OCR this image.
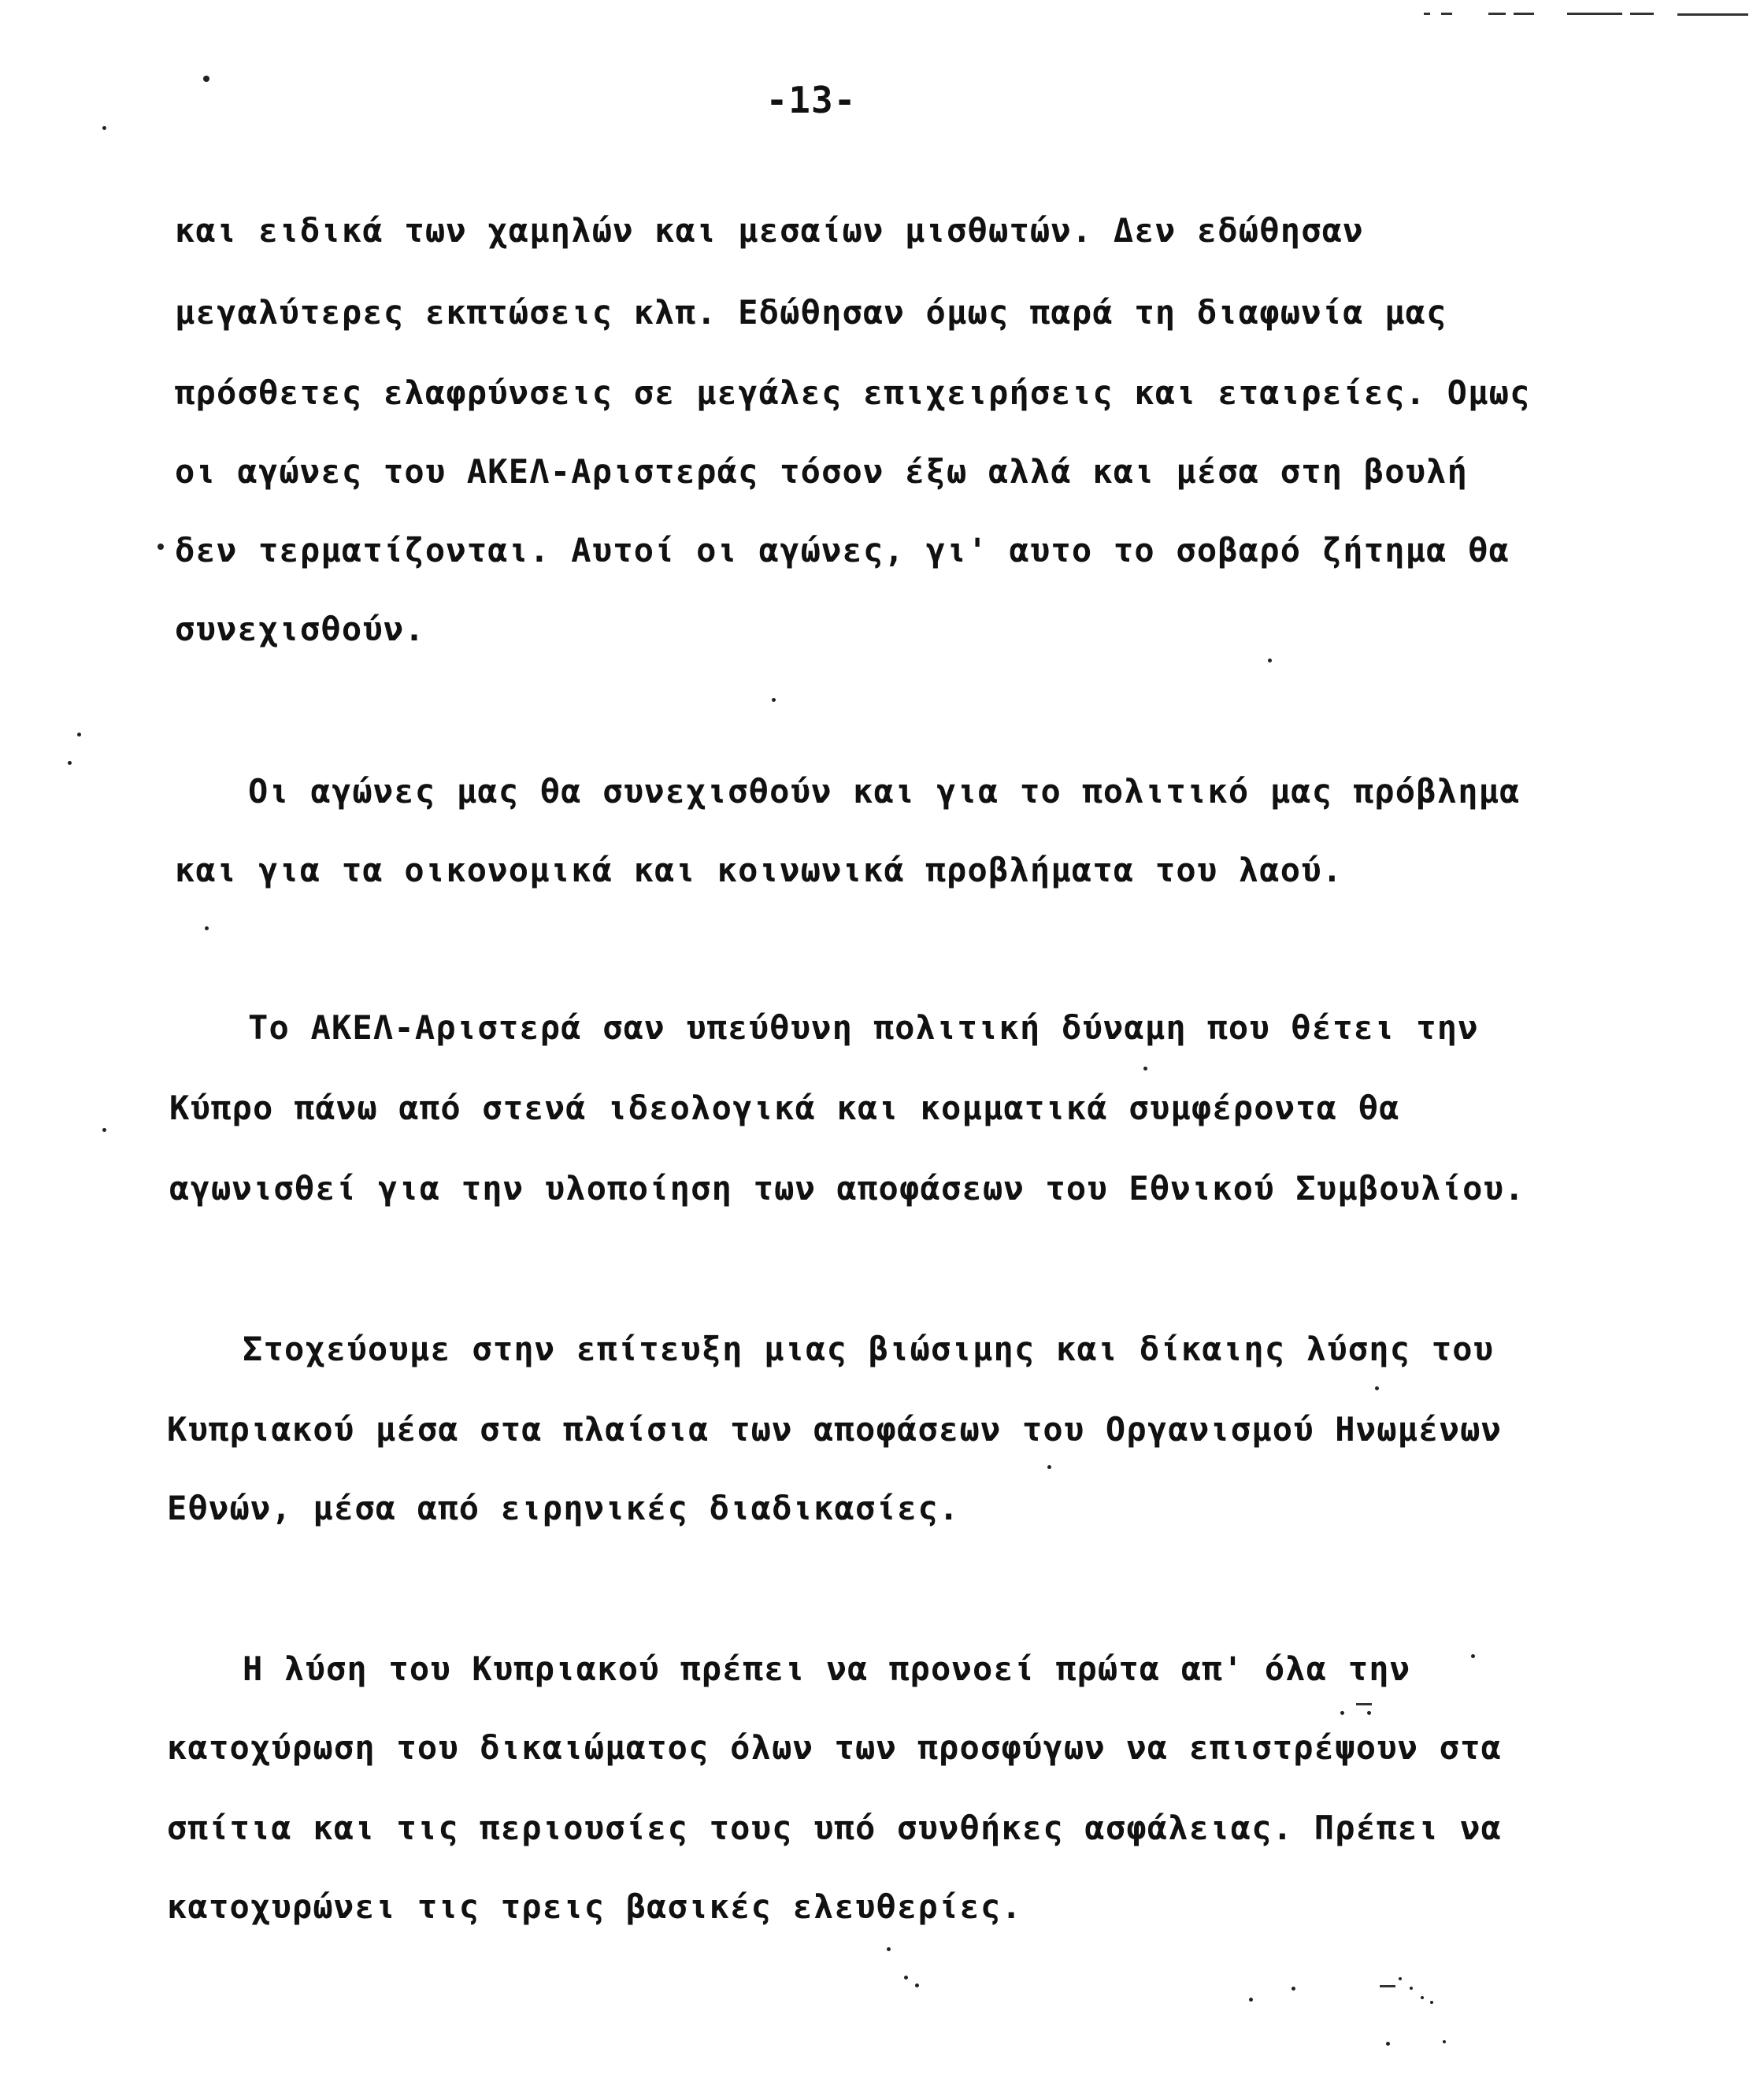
-13-
και ειδικά των χαμηλών και μεσαίων μισθωτών. Δεν εδώθησαν
μεγαλύτερες εκπτώσεις κλπ. Εδώθησαν όμως παρά τη διαφωνία μας
πρόσθετες ελαφρύνσεις σε μεγάλες επιχειρήσεις και εταιρείες. Ομως
οι αγώνες του ΑΚΕΛ-Αριστεράς τόσον έξω αλλά και μέσα στη βουλή
δεν τερματίζονται. Αυτοί οι αγώνες, γι' αυτο το σοβαρό ζήτημα θα
συνεχισθούν.
Οι αγώνες μας θα συνεχισθούν και για το πολιτικό μας πρόβλημα
και για τα οικονομικά και κοινωνικά προβλήματα του λαού.
Το ΑΚΕΛ-Αριστερά σαν υπεύθυνη πολιτική δύναμη που θέτει την
Κύπρο πάνω από στενά ιδεολογικά και κομματικά συμφέροντα θα
αγωνισθεί για την υλοποίηση των αποφάσεων του Εθνικού Συμβουλίου.
Στοχεύουμε στην επίτευξη μιας βιώσιμης και δίκαιης λύσης του
Κυπριακού μέσα στα πλαίσια των αποφάσεων του Οργανισμού Ηνωμένων
Εθνών, μέσα από ειρηνικές διαδικασίες.
Η λύση του Κυπριακού πρέπει να προνοεί πρώτα απ' όλα την
κατοχύρωση του δικαιώματος όλων των προσφύγων να επιστρέψουν στα
σπίτια και τις περιουσίες τους υπό συνθήκες ασφάλειας. Πρέπει να
κατοχυρώνει τις τρεις βασικές ελευθερίες.
